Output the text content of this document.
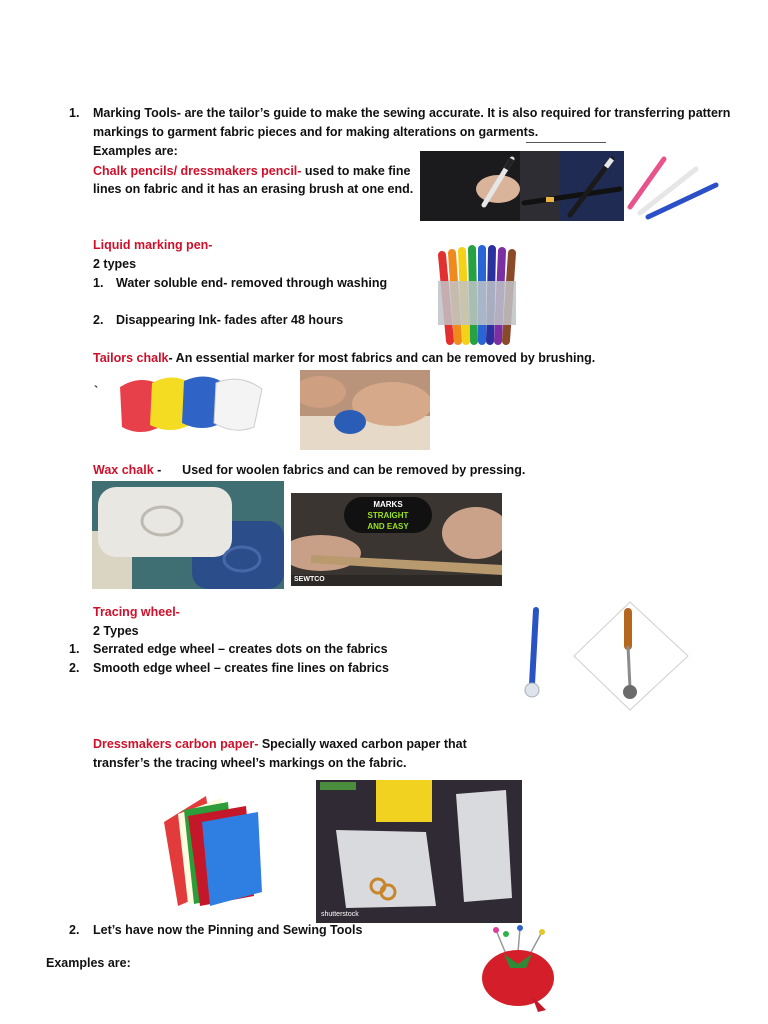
1. Marking Tools- are the tailor’s guide to make the sewing accurate. It is also required for transferring pattern
markings to garment fabric pieces and for making alterations on garments.
Examples are:
Chalk pencils/ dressmakers pencil- used to make fine
lines on fabric and it has an erasing brush at one end.
Liquid marking pen-
2 types
1. Water soluble end- removed through washing
2. Disappearing Ink- fades after 48 hours
Tailors chalk- An essential marker for most fabrics and can be removed by brushing.
`
Wax chalk -      Used for woolen fabrics and can be removed by pressing.
Tracing wheel-
2 Types
1. Serrated edge wheel – creates dots on the fabrics
2. Smooth edge wheel – creates fine lines on fabrics
Dressmakers carbon paper- Specially waxed carbon paper that
transfer’s the tracing wheel’s markings on the fabric.
2. Let’s have now the Pinning and Sewing Tools
Examples are:
MARKS
STRAIGHT
AND EASY
SEWTCO
shutterstock
